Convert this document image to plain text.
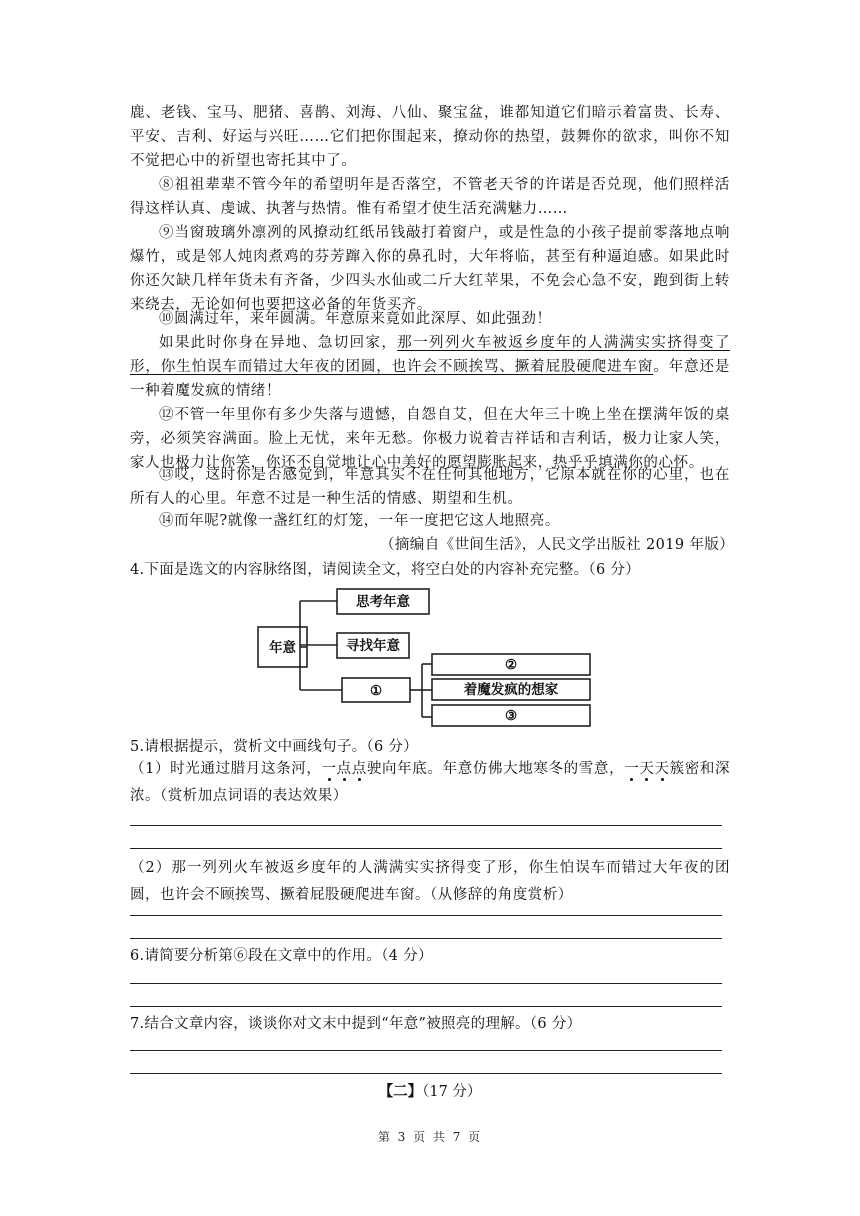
鹿、老钱、宝马、肥猪、喜鹊、刘海、八仙、聚宝盆，谁都知道它们暗示着富贵、长寿、平安、吉利、好运与兴旺……它们把你围起来，撩动你的热望，鼓舞你的欲求，叫你不知不觉把心中的祈望也寄托其中了。

⑧祖祖辈辈不管今年的希望明年是否落空，不管老天爷的许诺是否兑现，他们照样活得这样认真、虔诚、执著与热情。惟有希望才使生活充满魅力……

⑨当窗玻璃外凛冽的风撩动红纸吊钱敲打着窗户，或是性急的小孩子提前零落地点响爆竹，或是邻人炖肉煮鸡的芬芳蹿入你的鼻孔时，大年将临，甚至有种逼迫感。如果此时你还欠缺几样年货未有齐备，少四头水仙或二斤大红苹果，不免会心急不安，跑到街上转来绕去，无论如何也要把这必备的年货买齐。

⑩圆满过年，来年圆满。年意原来竟如此深厚、如此强劲！

如果此时你身在异地、急切回家，那一列列火车被返乡度年的人满满实实挤得变了形，你生怕误车而错过大年夜的团圆，也许会不顾挨骂、撅着屁股硬爬进车窗。年意还是一种着魔发疯的情绪！

⑫不管一年里你有多少失落与遗憾，自怨自艾，但在大年三十晚上坐在摆满年饭的桌旁，必须笑容满面。脸上无忧，来年无愁。你极力说着吉祥话和吉利话，极力让家人笑，家人也极力让你笑，你还不自觉地让心中美好的愿望膨胀起来，热乎乎填满你的心怀。

⑬哎，这时你是否感觉到，年意其实不在任何其他地方，它原本就在你的心里，也在所有人的心里。年意不过是一种生活的情感、期望和生机。

⑭而年呢?就像一盏红红的灯笼，一年一度把它这人地照亮。

（摘编自《世间生活》，人民文学出版社 2019 年版）

4.下面是选文的内容脉络图，请阅读全文，将空白处的内容补充完整。（6 分）

年意
思考年意
寻找年意
①
②
着魔发疯的想家
③

5.请根据提示，赏析文中画线句子。（6 分）

（1）时光通过腊月这条河，一点点驶向年底。年意仿佛大地寒冬的雪意，一天天簇密和深浓。（赏析加点词语的表达效果）

（2）那一列列火车被返乡度年的人满满实实挤得变了形，你生怕误车而错过大年夜的团圆，也许会不顾挨骂、撅着屁股硬爬进车窗。（从修辞的角度赏析）

6.请简要分析第⑥段在文章中的作用。（4 分）

7.结合文章内容，谈谈你对文末中提到“年意”被照亮的理解。（6 分）

【二】（17 分）
第 3 页 共 7 页
